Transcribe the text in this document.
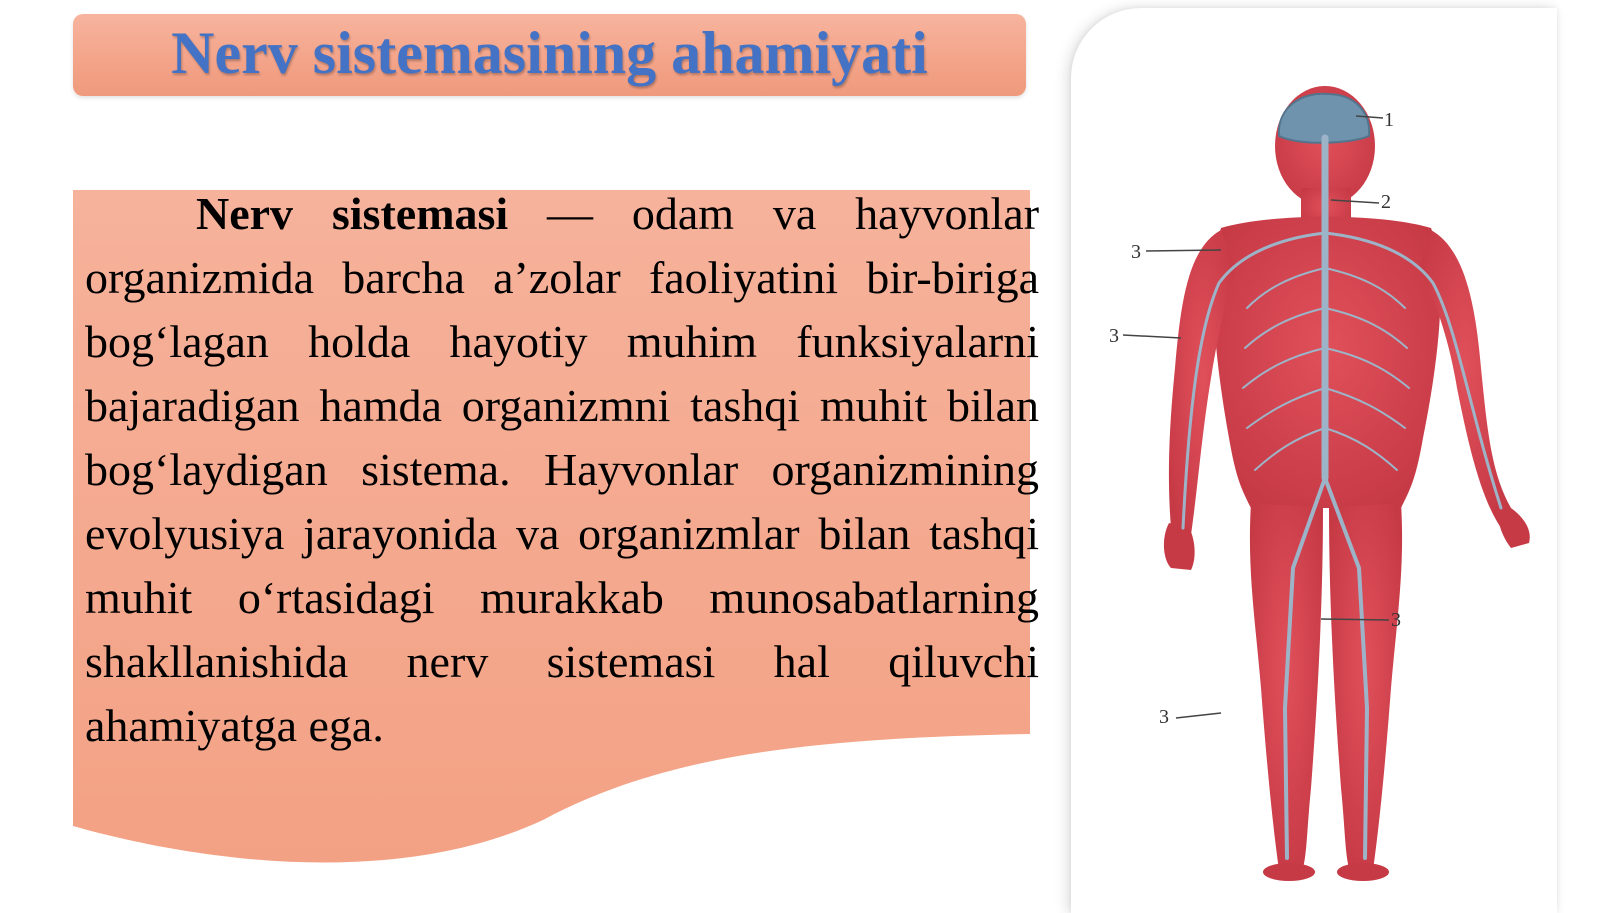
Nerv sistemasining ahamiyati

Nerv sistemasi — odam va hayvonlar organizmida barcha a’zolar faoliyatini bir-biriga bog‘lagan holda hayotiy muhim funksiyalarni bajaradigan hamda organizmni tashqi muhit bilan bog‘laydigan sistema. Hayvonlar organizmining evolyusiya jarayonida va organizmlar bilan tashqi muhit o‘rtasidagi murakkab munosabatlarning shakllanishida nerv sistemasi hal qiluvchi ahamiyatga ega.

1
2
3
3
3
3
